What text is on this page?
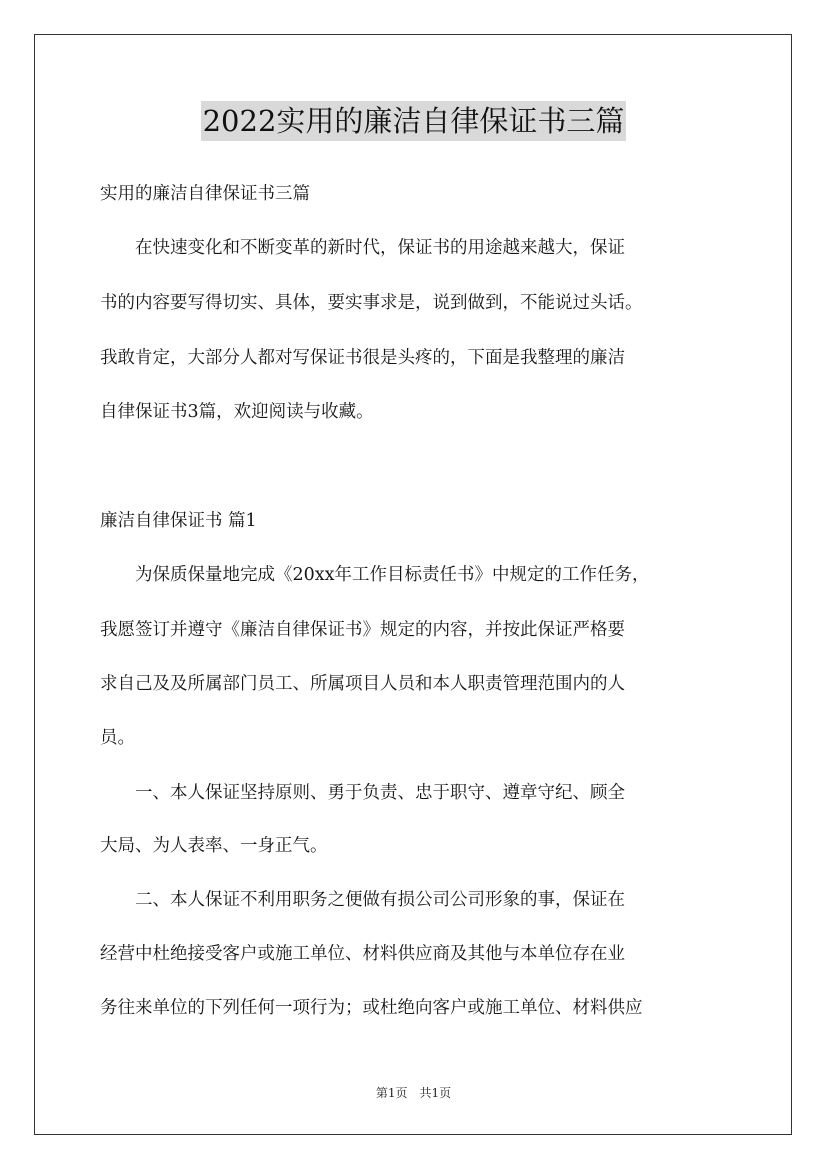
2022实用的廉洁自律保证书三篇
实用的廉洁自律保证书三篇
　　在快速变化和不断变革的新时代，保证书的用途越来越大，保证
书的内容要写得切实、具体，要实事求是，说到做到，不能说过头话。
我敢肯定，大部分人都对写保证书很是头疼的，下面是我整理的廉洁
自律保证书3篇，欢迎阅读与收藏。
廉洁自律保证书 篇1
　　为保质保量地完成《20xx年工作目标责任书》中规定的工作任务，
我愿签订并遵守《廉洁自律保证书》规定的内容，并按此保证严格要
求自己及及所属部门员工、所属项目人员和本人职责管理范围内的人
员。
　　一、本人保证坚持原则、勇于负责、忠于职守、遵章守纪、顾全
大局、为人表率、一身正气。
　　二、本人保证不利用职务之便做有损公司公司形象的事，保证在
经营中杜绝接受客户或施工单位、材料供应商及其他与本单位存在业
务往来单位的下列任何一项行为；或杜绝向客户或施工单位、材料供应
第1页　共1页
